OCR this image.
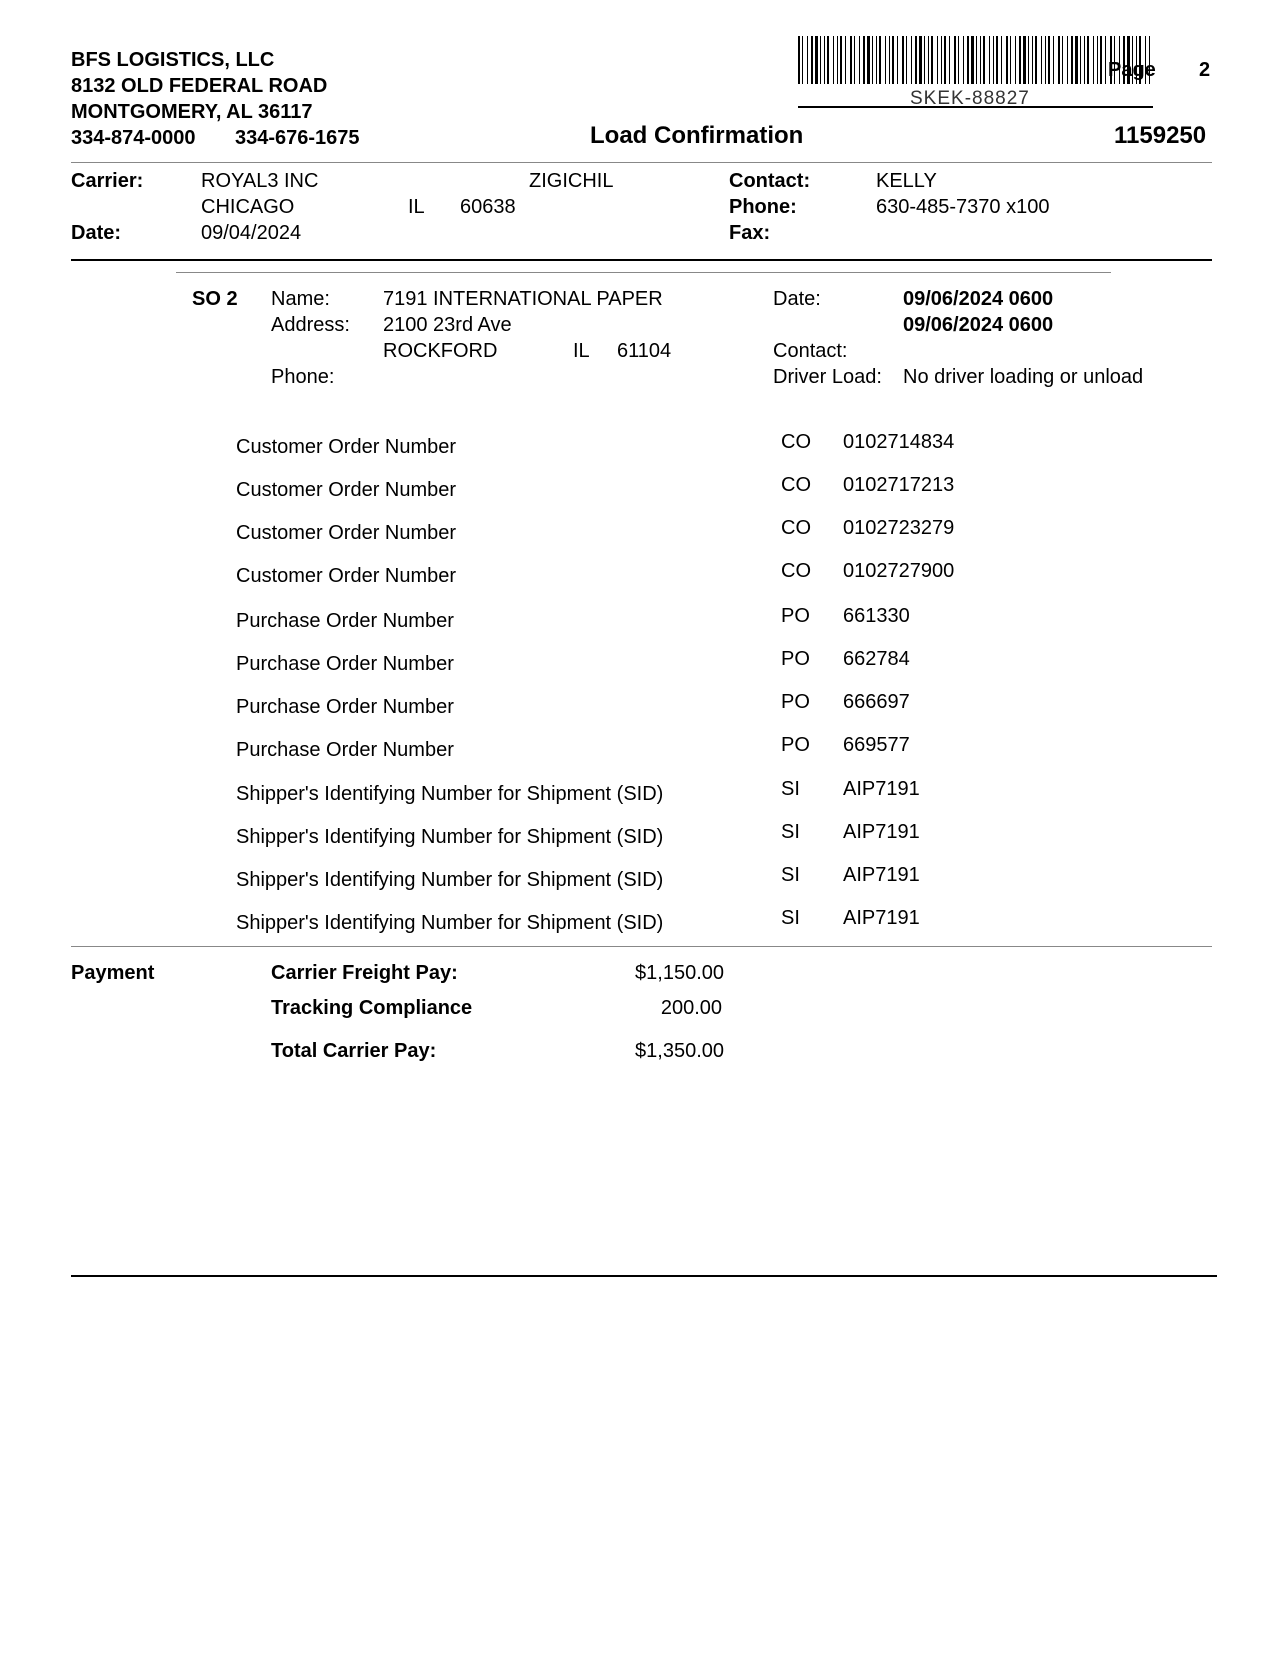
BFS LOGISTICS, LLC
8132 OLD FEDERAL ROAD
MONTGOMERY, AL 36117
334-874-0000 334-676-1675
SKEK-88827
Page 2
Load Confirmation	1159250
Carrier:	ROYAL3 INC	ZIGICHIL
CHICAGO	IL 60638
Date:	09/04/2024
Contact:	KELLY
Phone:	630-485-7370 x100
Fax:
SO 2 Name:	7191 INTERNATIONAL PAPER
Address: 2100 23rd Ave
ROCKFORD	IL 61104
Phone:
Date:	09/06/2024 0600
09/06/2024 0600
Contact:
Driver Load: No driver loading or unload
Customer Order Number	CO 0102714834
Customer Order Number	CO 0102717213
Customer Order Number	CO 0102723279
Customer Order Number	CO 0102727900
Purchase Order Number	PO 661330
Purchase Order Number	PO 662784
Purchase Order Number	PO 666697
Purchase Order Number	PO 669577
Shipper's Identifying Number for Shipment (SID)	SI AIP7191
Shipper's Identifying Number for Shipment (SID)	SI AIP7191
Shipper's Identifying Number for Shipment (SID)	SI AIP7191
Shipper's Identifying Number for Shipment (SID)	SI AIP7191
Payment	Carrier Freight Pay:	$1,150.00
Tracking Compliance	200.00
Total Carrier Pay:	$1,350.00
